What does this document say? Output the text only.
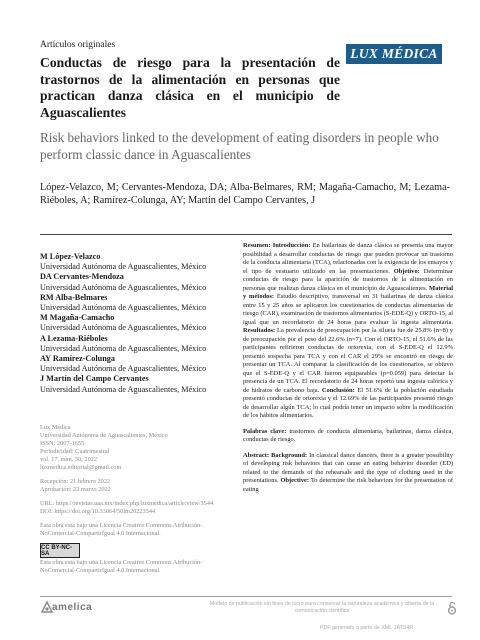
Artículos originales
LUX MÉDICA
Conductas de riesgo para la presentación de trastornos de la alimentación en personas que practican danza clásica en el municipio de Aguascalientes
Risk behaviors linked to the development of eating disorders in people who perform classic dance in Aguascalientes
López-Velazco, M; Cervantes-Mendoza, DA; Alba-Belmares, RM; Magaña-Camacho, M; Lezama-Riéboles, A; Ramírez-Colunga, AY; Martín del Campo Cervantes, J
M López-Velazco
Universidad Autónoma de Aguascalientes, México
DA Cervantes-Mendoza
Universidad Autónoma de Aguascalientes, México
RM Alba-Belmares
Universidad Autónoma de Aguascalientes, México
M Magaña-Camacho
Universidad Autónoma de Aguascalientes, México
A Lezama-Riéboles
Universidad Autónoma de Aguascalientes, México
AY Ramírez-Colunga
Universidad Autónoma de Aguascalientes, México
J Martín del Campo Cervantes
Universidad Autónoma de Aguascalientes, México

Lux Médica

Universidad Autónoma de Aguascalientes, México

ISSN: 2007-1655

Periodicidad: Cuatrimestral

vol. 17, núm. 50, 2022

luxmedica.editorial@gmail.com

Recepción: 21 febrero 2022

Aprobación: 22 marzo 2022

URL: https://revistas.uaa.mx/index.php/luxmedica/article/view/3544

DOI: https://doi.org/10.33064/50lm20223544

Esta obra está bajo una Licencia Creative Commons Atribución-NoComercial-CompartirIgual 4.0 Internacional.

CC BY-NC-SA
Esta obra está bajo una Licencia Creative Commons Atribución-NoComercial-CompartirIgual 4.0 Internacional.

Resumen: Introducción: En bailarinas de danza clásica se presenta una mayor posibilidad a desarrollar conductas de riesgo que pueden provocar un trastorno de la conducta alimentaria (TCA), relacionadas con la exigencia de los ensayos y el tipo de vestuario utilizado en las presentaciones. Objetivo: Determinar conductas de riesgo para la aparición de trastornos de la alimentación en personas que realizan danza clásica en el municipio de Aguascalientes. Material y métodos: Estudio descriptivo, transversal en 31 bailarinas de danza clásica entre 15 y 25 años se aplicaron los cuestionarios de conductas alimentarias de riesgo (CAR), examinación de trastornos alimentarios (S-EDE-Q) y ORTO-15, al igual que un recordatorio de 24 horas para evaluar la ingesta alimentaria. Resultados: La prevalencia de preocupación por la silueta fue de 25.8% (n=8) y de preocupación por el peso del 22.6% (n=7). Con el ORTO-15, el 51.6% de las participantes refirieron conductas de ortorexia, con el S-EDE-Q el 12.9% presentó sospecha para TCA y con el CAR el 29% se encontró en riesgo de presentar un TCA. Al comparar la clasificación de los cuestionarios, se obtuvo que el S-EDE-Q y el CAR fueron equiparables (p=0.059) para detectar la presencia de un TCA. El recordatorio de 24 horas reportó una ingesta calórica y de hidratos de carbono baja. Conclusión: El 51.6% de la población estudiada presentó conductas de ortorexia y el 12.69% de las participantes presentó riesgo de desarrollar algún TCA; lo cual podría tener un impacto sobre la modificación de los hábitos alimentarios.

Palabras clave: trastornos de conducta alimentaria, bailarinas, danza clásica, conductas de riesgo.

Abstract: Background: In classical dance dancers, there is a greater possibility of developing risk behaviors that can cause an eating behavior disorder (ED) related to the demands of the rehearsals and the type of clothing used in the presentations. Objective: To determine the risk behaviors for the presentation of eating

amelica	Modelo de publicación sin fines de lucro para conservar la naturaleza académica y abierta de la comunicación científica
PDF generado a partir de XML-JATS4R
